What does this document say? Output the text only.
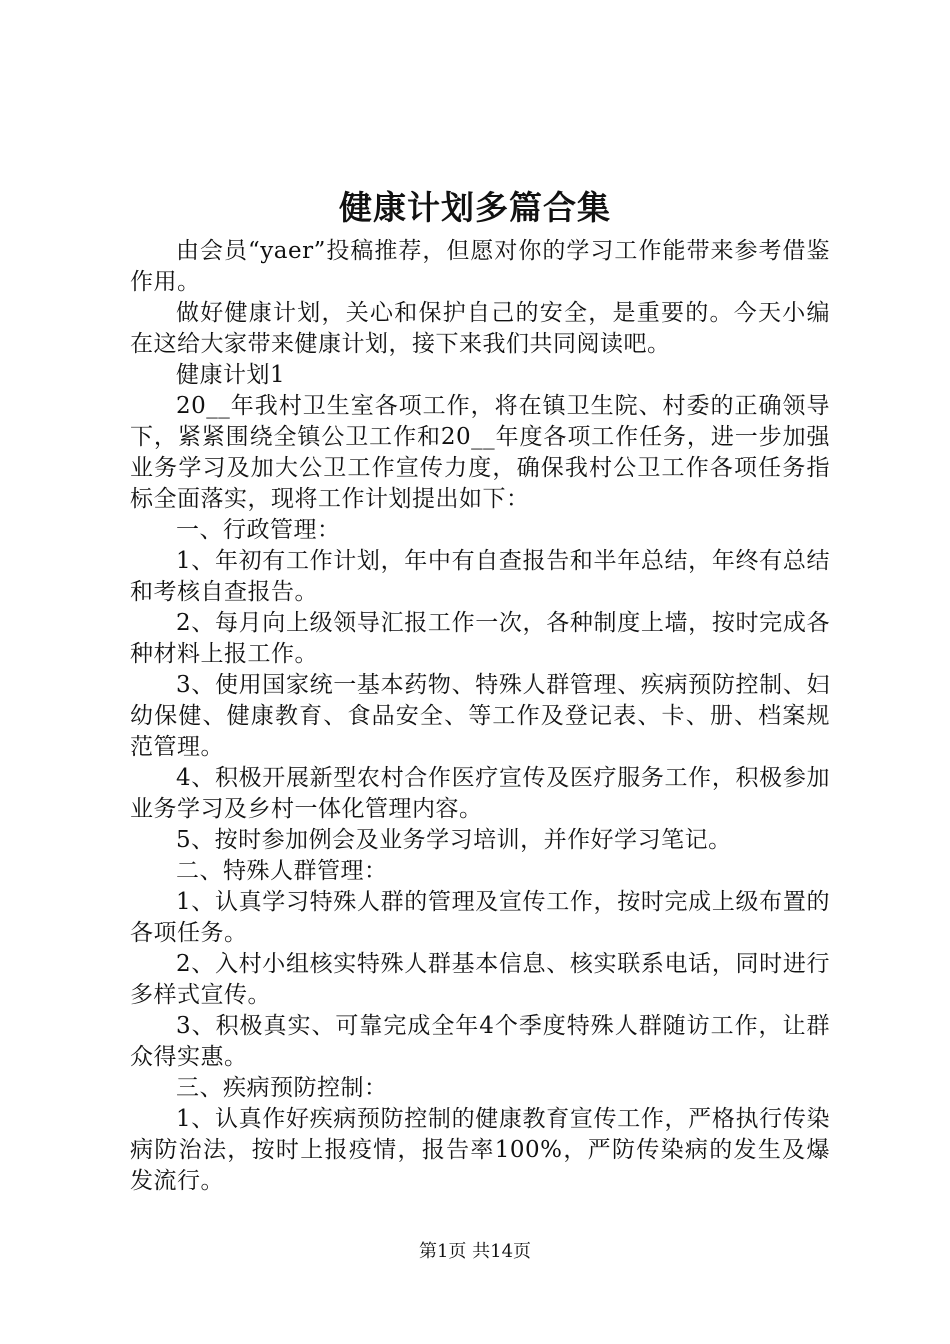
健康计划多篇合集

由会员“yaer”投稿推荐，但愿对你的学习工作能带来参考借鉴作用。

做好健康计划，关心和保护自己的安全，是重要的。今天小编在这给大家带来健康计划，接下来我们共同阅读吧。

健康计划1

20__年我村卫生室各项工作，将在镇卫生院、村委的正确领导下，紧紧围绕全镇公卫工作和20__年度各项工作任务，进一步加强业务学习及加大公卫工作宣传力度，确保我村公卫工作各项任务指标全面落实，现将工作计划提出如下：

一、行政管理：

1、年初有工作计划，年中有自查报告和半年总结，年终有总结和考核自查报告。

2、每月向上级领导汇报工作一次，各种制度上墙，按时完成各种材料上报工作。

3、使用国家统一基本药物、特殊人群管理、疾病预防控制、妇幼保健、健康教育、食品安全、等工作及登记表、卡、册、档案规范管理。

4、积极开展新型农村合作医疗宣传及医疗服务工作，积极参加业务学习及乡村一体化管理内容。

5、按时参加例会及业务学习培训，并作好学习笔记。

二、特殊人群管理：

1、认真学习特殊人群的管理及宣传工作，按时完成上级布置的各项任务。

2、入村小组核实特殊人群基本信息、核实联系电话，同时进行多样式宣传。

3、积极真实、可靠完成全年4个季度特殊人群随访工作，让群众得实惠。

三、疾病预防控制：

1、认真作好疾病预防控制的健康教育宣传工作，严格执行传染病防治法，按时上报疫情，报告率100%，严防传染病的发生及爆发流行。

第1页 共14页
